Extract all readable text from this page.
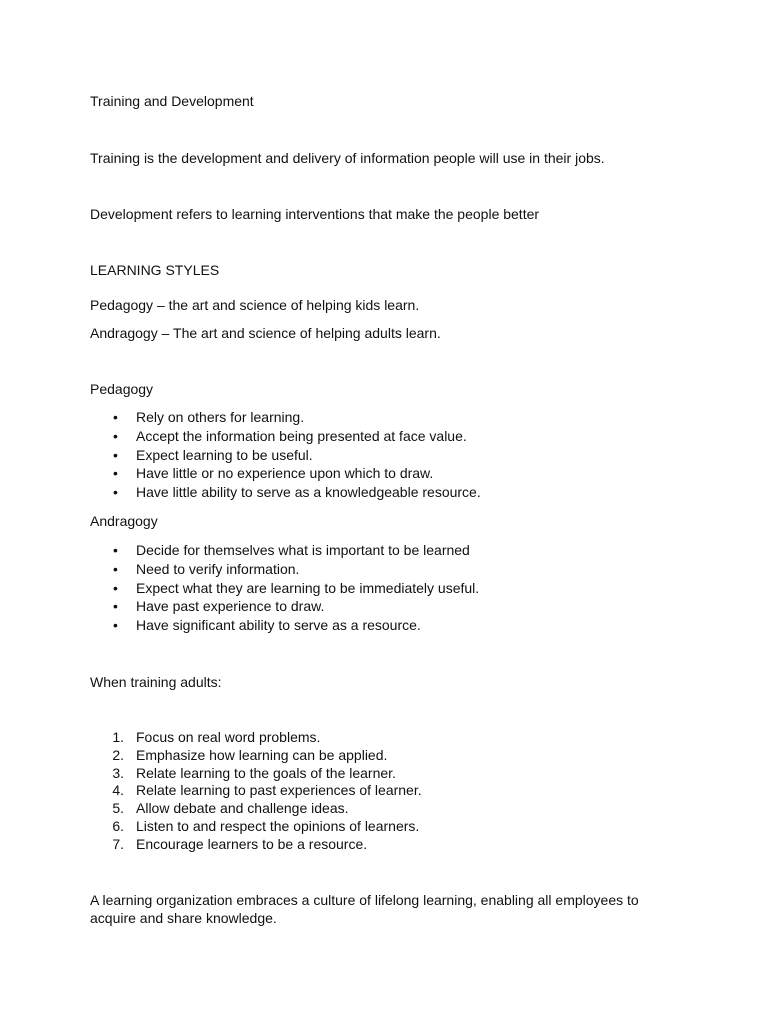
Training and Development

Training is the development and delivery of information people will use in their jobs.

Development refers to learning interventions that make the people better

LEARNING STYLES

Pedagogy – the art and science of helping kids learn.

Andragogy – The art and science of helping adults learn.

Pedagogy

•	Rely on others for learning.
•	Accept the information being presented at face value.
•	Expect learning to be useful.
•	Have little or no experience upon which to draw.
•	Have little ability to serve as a knowledgeable resource.

Andragogy

•	Decide for themselves what is important to be learned
•	Need to verify information.
•	Expect what they are learning to be immediately useful.
•	Have past experience to draw.
•	Have significant ability to serve as a resource.

When training adults:

1. Focus on real word problems.
2. Emphasize how learning can be applied.
3. Relate learning to the goals of the learner.
4. Relate learning to past experiences of learner.
5. Allow debate and challenge ideas.
6. Listen to and respect the opinions of learners.
7. Encourage learners to be a resource.

A learning organization embraces a culture of lifelong learning, enabling all employees to acquire and share knowledge.
